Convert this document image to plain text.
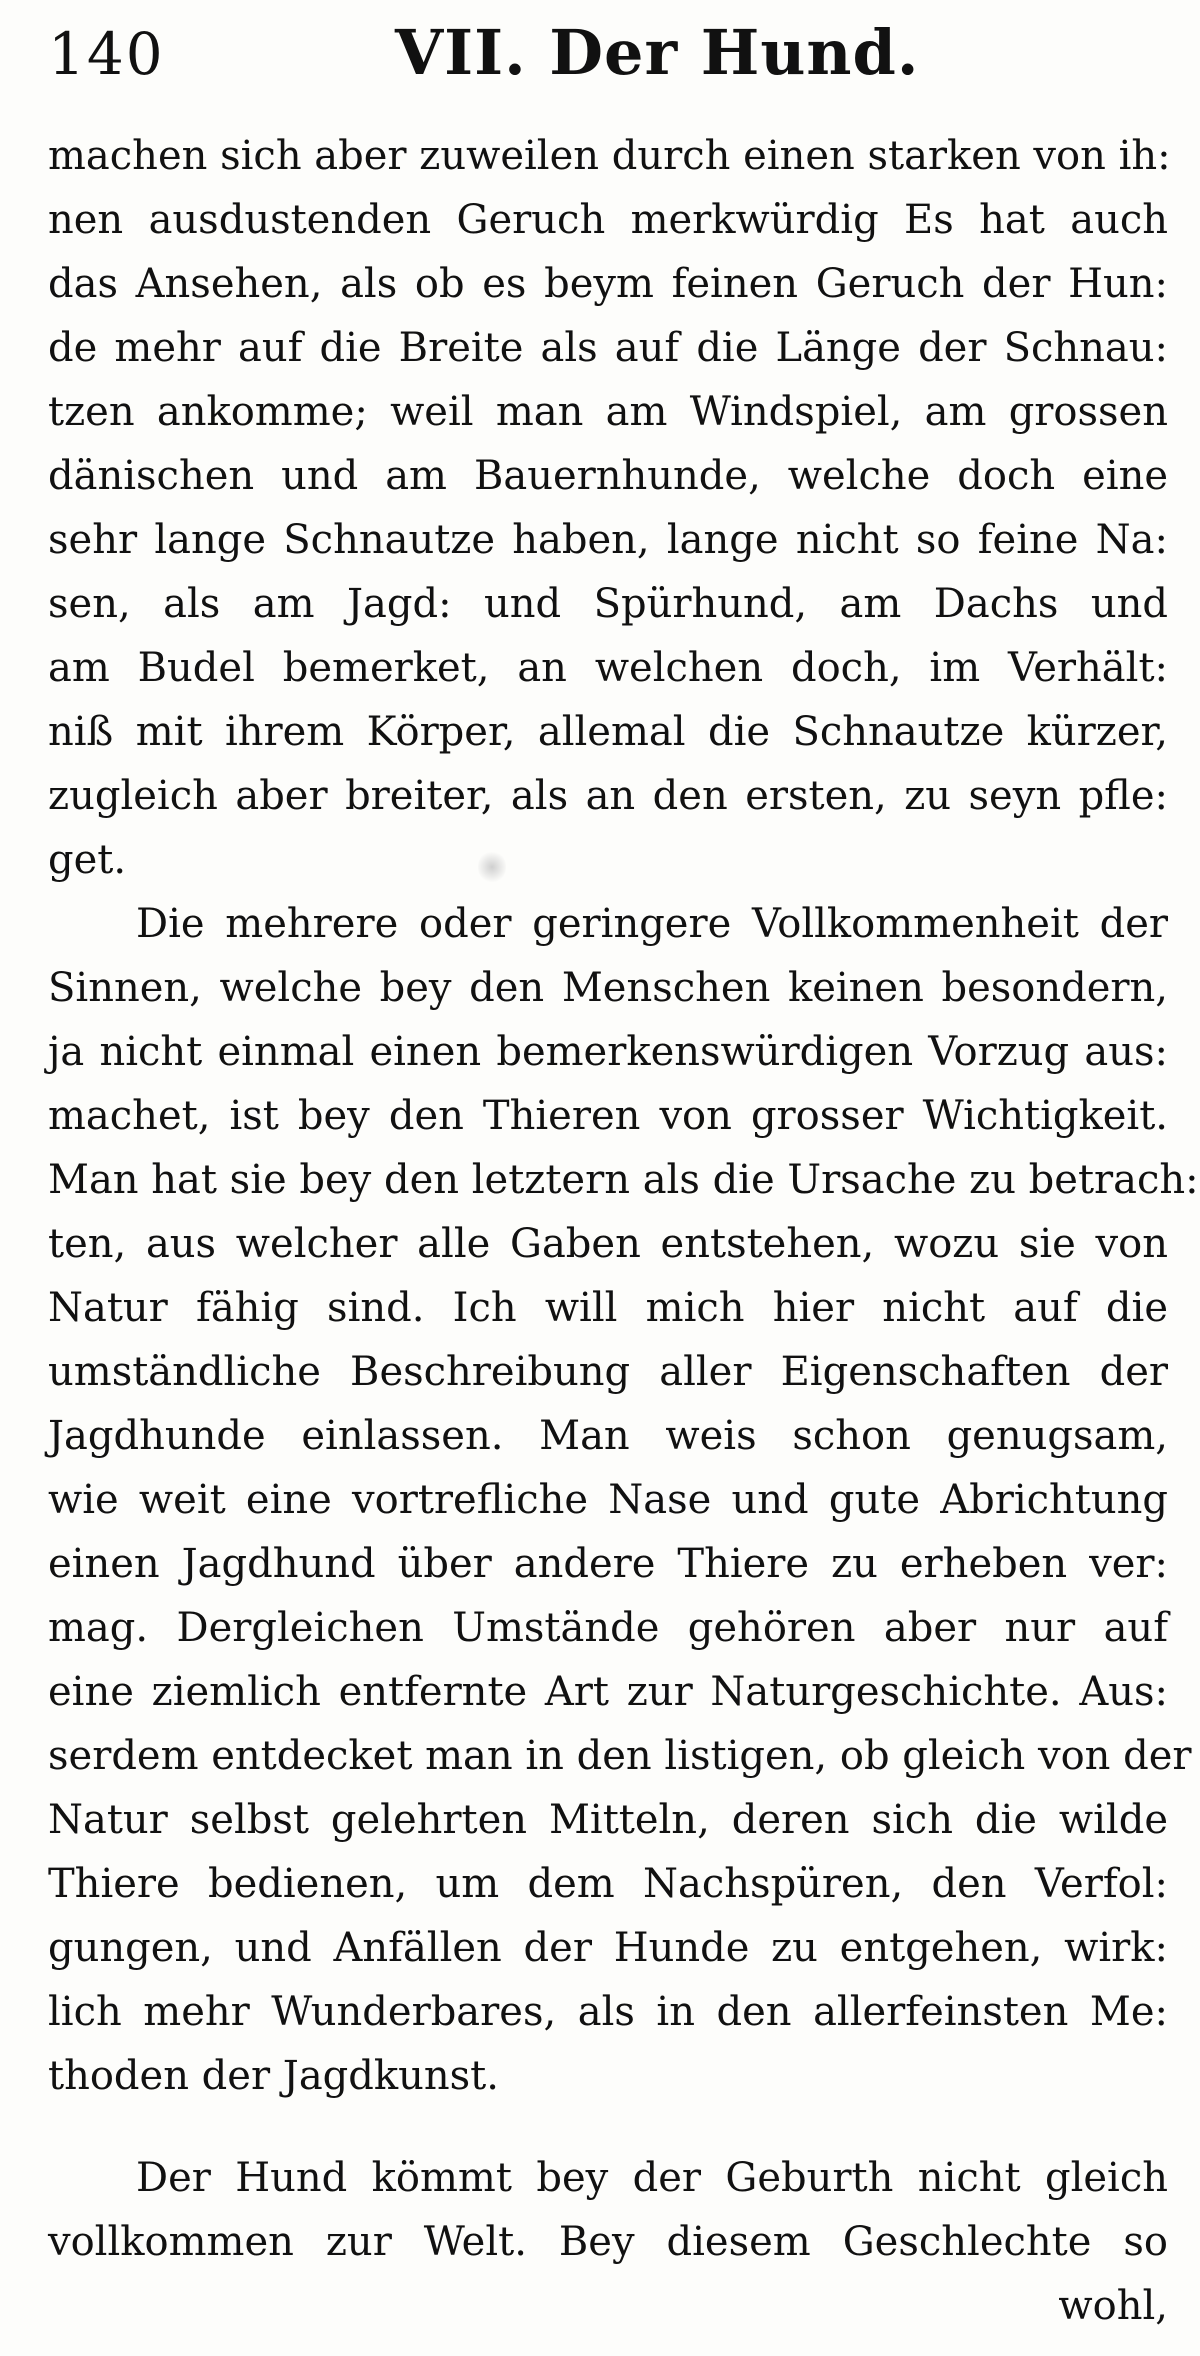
140	VII. Der Hund.
machen sich aber zuweilen durch einen starken von ih:
nen ausdustenden Geruch merkwürdig Es hat auch
das Ansehen, als ob es beym feinen Geruch der Hun:
de mehr auf die Breite als auf die Länge der Schnau:
tzen ankomme; weil man am Windspiel, am grossen
dänischen und am Bauernhunde, welche doch eine
sehr lange Schnautze haben, lange nicht so feine Na:
sen, als am Jagd: und Spürhund, am Dachs und
am Budel bemerket, an welchen doch, im Verhält:
niß mit ihrem Körper, allemal die Schnautze kürzer,
zugleich aber breiter, als an den ersten, zu seyn pfle:
get.
Die mehrere oder geringere Vollkommenheit der
Sinnen, welche bey den Menschen keinen besondern,
ja nicht einmal einen bemerkenswürdigen Vorzug aus:
machet, ist bey den Thieren von grosser Wichtigkeit.
Man hat sie bey den letztern als die Ursache zu betrach:
ten, aus welcher alle Gaben entstehen, wozu sie von
Natur fähig sind. Ich will mich hier nicht auf die
umständliche Beschreibung aller Eigenschaften der
Jagdhunde einlassen. Man weis schon genugsam,
wie weit eine vortrefliche Nase und gute Abrichtung
einen Jagdhund über andere Thiere zu erheben ver:
mag. Dergleichen Umstände gehören aber nur auf
eine ziemlich entfernte Art zur Naturgeschichte. Aus:
serdem entdecket man in den listigen, ob gleich von der
Natur selbst gelehrten Mitteln, deren sich die wilde
Thiere bedienen, um dem Nachspüren, den Verfol:
gungen, und Anfällen der Hunde zu entgehen, wirk:
lich mehr Wunderbares, als in den allerfeinsten Me:
thoden der Jagdkunst.
Der Hund kömmt bey der Geburth nicht gleich
vollkommen zur Welt. Bey diesem Geschlechte so
wohl,
